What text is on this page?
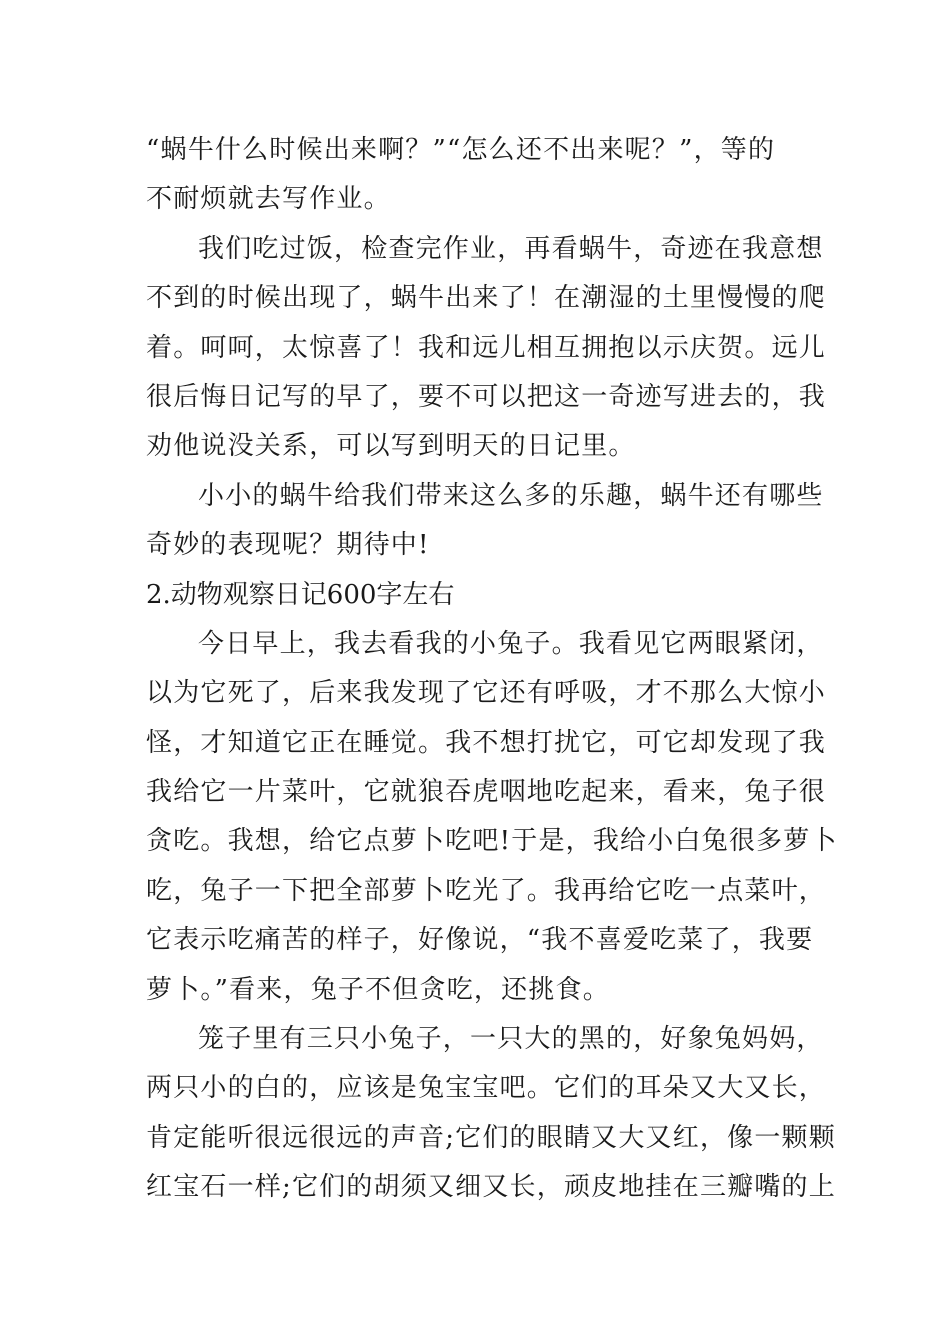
“蜗牛什么时候出来啊？”“怎么还不出来呢？”，等的
不耐烦就去写作业。
我们吃过饭，检查完作业，再看蜗牛，奇迹在我意想
不到的时候出现了，蜗牛出来了！在潮湿的土里慢慢的爬
着。呵呵，太惊喜了！我和远儿相互拥抱以示庆贺。远儿
很后悔日记写的早了，要不可以把这一奇迹写进去的，我
劝他说没关系，可以写到明天的日记里。
小小的蜗牛给我们带来这么多的乐趣，蜗牛还有哪些
奇妙的表现呢？期待中!
2.动物观察日记600字左右
今日早上，我去看我的小兔子。我看见它两眼紧闭，
以为它死了，后来我发现了它还有呼吸，才不那么大惊小
怪，才知道它正在睡觉。我不想打扰它，可它却发现了我
我给它一片菜叶，它就狼吞虎咽地吃起来，看来，兔子很
贪吃。我想，给它点萝卜吃吧!于是，我给小白兔很多萝卜
吃，兔子一下把全部萝卜吃光了。我再给它吃一点菜叶，
它表示吃痛苦的样子，好像说，“我不喜爱吃菜了，我要
萝卜。”看来，兔子不但贪吃，还挑食。
笼子里有三只小兔子，一只大的黑的，好象兔妈妈，
两只小的白的，应该是兔宝宝吧。它们的耳朵又大又长，
肯定能听很远很远的声音;它们的眼睛又大又红，像一颗颗
红宝石一样;它们的胡须又细又长，顽皮地挂在三瓣嘴的上
